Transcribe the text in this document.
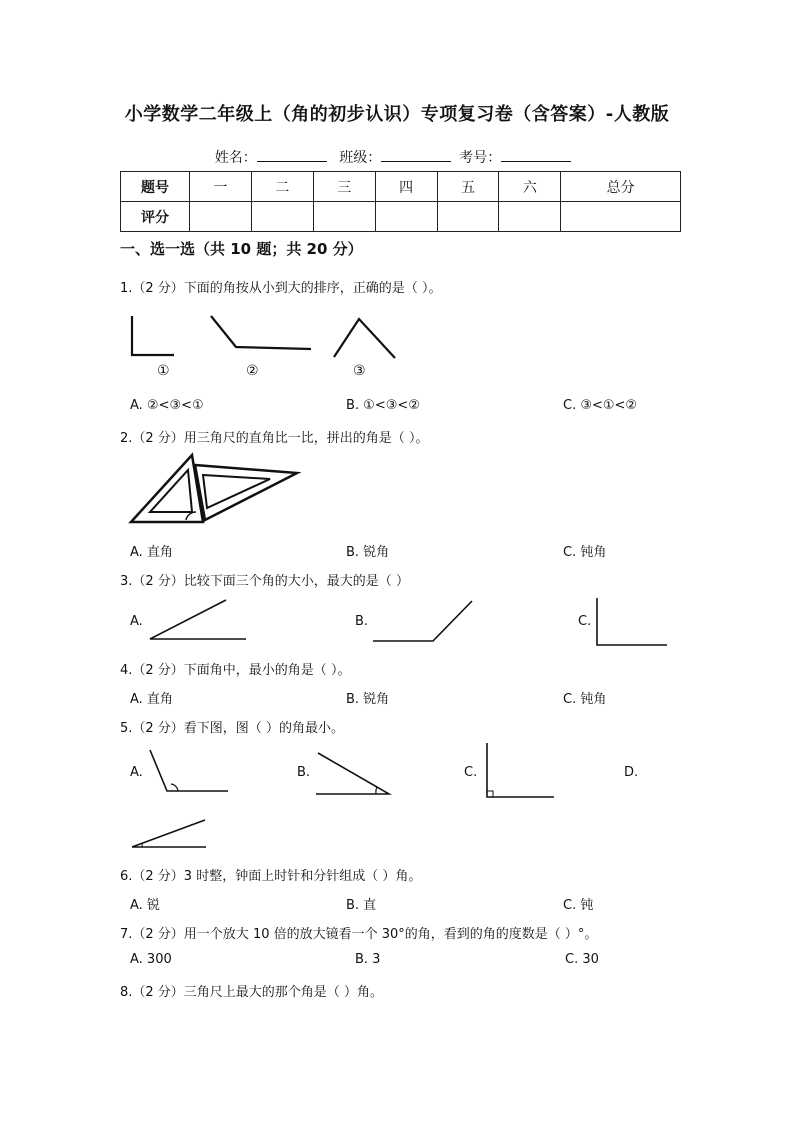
小学数学二年级上（角的初步认识）专项复习卷（含答案）-人教版
姓名：	班级：	考号：
题号	一	二	三	四	五	六	总分
评分							
一、选一选（共 10 题；共 20 分）
1.（2 分）下面的角按从小到大的排序，正确的是（ ）。
①	②	③
A. ②<③<①	B. ①<③<②	C. ③<①<②
2.（2 分）用三角尺的直角比一比，拼出的角是（ ）。
A. 直角	B. 锐角	C. 钝角
3.（2 分）比较下面三个角的大小，最大的是（ ）
A.	B.	C.
4.（2 分）下面角中，最小的角是（ ）。
A. 直角	B. 锐角	C. 钝角
5.（2 分）看下图，图（ ）的角最小。
A.	B.	C.	D.
6.（2 分）3 时整，钟面上时针和分针组成（ ）角。
A. 锐	B. 直	C. 钝
7.（2 分）用一个放大 10 倍的放大镜看一个 30°的角，看到的角的度数是（ ）°。
A. 300	B. 3	C. 30
8.（2 分）三角尺上最大的那个角是（ ）角。
